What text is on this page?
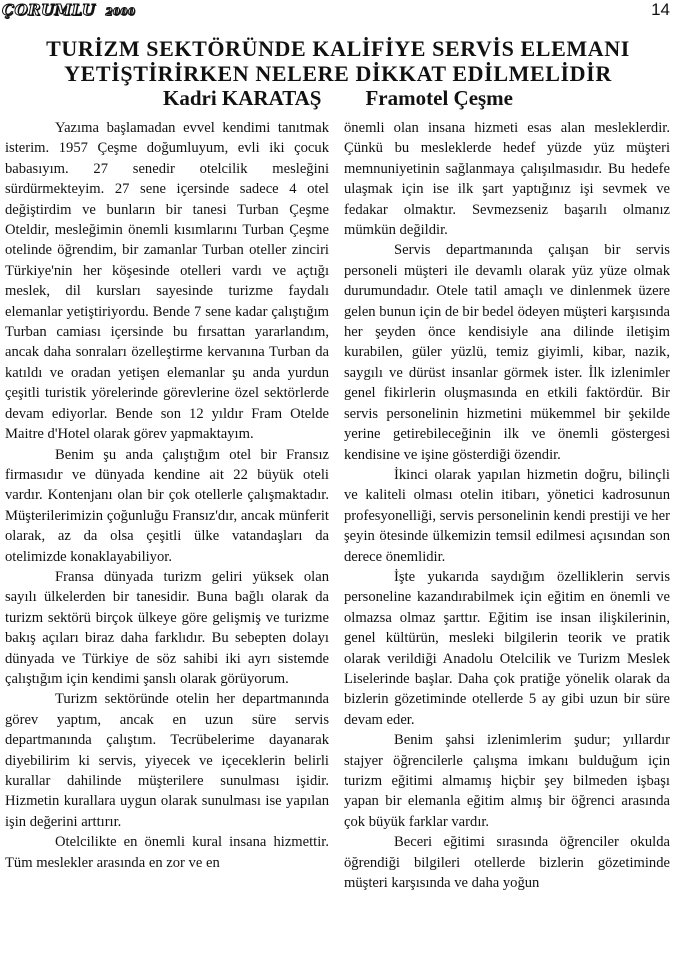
ÇORUMLU 2000	14
TURİZM SEKTÖRÜNDE KALİFİYE SERVİS ELEMANI
YETİŞTİRİRKEN NELERE DİKKAT EDİLMELİDİR
Kadri KARATAŞ Framotel Çeşme

Yazıma başlamadan evvel kendimi tanıtmak isterim. 1957 Çeşme doğumluyum, evli iki çocuk babasıyım. 27 senedir otelcilik mesleğini sürdürmekteyim. 27 sene içersinde sadece 4 otel değiştirdim ve bunların bir tanesi Turban Çeşme Oteldir, mesleğimin önemli kısımlarını Turban Çeşme otelinde öğrendim, bir zamanlar Turban oteller zinciri Türkiye'nin her köşesinde otelleri vardı ve açtığı meslek, dil kursları sayesinde turizme faydalı elemanlar yetiştiriyordu. Bende 7 sene kadar çalıştığım Turban camiası içersinde bu fırsattan yararlandım, ancak daha sonraları özelleştirme kervanına Turban da katıldı ve oradan yetişen elemanlar şu anda yurdun çeşitli turistik yörelerinde görevlerine özel sektörlerde devam ediyorlar. Bende son 12 yıldır Fram Otelde Maitre d'Hotel olarak görev yapmaktayım.

Benim şu anda çalıştığım otel bir Fransız firmasıdır ve dünyada kendine ait 22 büyük oteli vardır. Kontenjanı olan bir çok otellerle çalışmaktadır. Müşterilerimizin çoğunluğu Fransız'dır, ancak münferit olarak, az da olsa çeşitli ülke vatandaşları da otelimizde konaklayabiliyor.

Fransa dünyada turizm geliri yüksek olan sayılı ülkelerden bir tanesidir. Buna bağlı olarak da turizm sektörü birçok ülkeye göre gelişmiş ve turizme bakış açıları biraz daha farklıdır. Bu sebepten dolayı dünyada ve Türkiye de söz sahibi iki ayrı sistemde çalıştığım için kendimi şanslı olarak görüyorum.

Turizm sektöründe otelin her departmanında görev yaptım, ancak en uzun süre servis departmanında çalıştım. Tecrübelerime dayanarak diyebilirim ki servis, yiyecek ve içeceklerin belirli kurallar dahilinde müşterilere sunulması işidir. Hizmetin kurallara uygun olarak sunulması ise yapılan işin değerini arttırır.

Otelcilikte en önemli kural insana hizmettir. Tüm meslekler arasında en zor ve en

önemli olan insana hizmeti esas alan mesleklerdir. Çünkü bu mesleklerde hedef yüzde yüz müşteri memnuniyetinin sağlanmaya çalışılmasıdır. Bu hedefe ulaşmak için ise ilk şart yaptığınız işi sevmek ve fedakar olmaktır. Sevmezseniz başarılı olmanız mümkün değildir.

Servis departmanında çalışan bir servis personeli müşteri ile devamlı olarak yüz yüze olmak durumundadır. Otele tatil amaçlı ve dinlenmek üzere gelen bunun için de bir bedel ödeyen müşteri karşısında her şeyden önce kendisiyle ana dilinde iletişim kurabilen, güler yüzlü, temiz giyimli, kibar, nazik, saygılı ve dürüst insanlar görmek ister. İlk izlenimler genel fikirlerin oluşmasında en etkili faktördür. Bir servis personelinin hizmetini mükemmel bir şekilde yerine getirebileceğinin ilk ve önemli göstergesi kendisine ve işine gösterdiği özendir.

İkinci olarak yapılan hizmetin doğru, bilinçli ve kaliteli olması otelin itibarı, yönetici kadrosunun profesyonelliği, servis personelinin kendi prestiji ve her şeyin ötesinde ülkemizin temsil edilmesi açısından son derece önemlidir.

İşte yukarıda saydığım özelliklerin servis personeline kazandırabilmek için eğitim en önemli ve olmazsa olmaz şarttır. Eğitim ise insan ilişkilerinin, genel kültürün, mesleki bilgilerin teorik ve pratik olarak verildiği Anadolu Otelcilik ve Turizm Meslek Liselerinde başlar. Daha çok pratiğe yönelik olarak da bizlerin gözetiminde otellerde 5 ay gibi uzun bir süre devam eder.

Benim şahsi izlenimlerim şudur; yıllardır stajyer öğrencilerle çalışma imkanı bulduğum için turizm eğitimi almamış hiçbir şey bilmeden işbaşı yapan bir elemanla eğitim almış bir öğrenci arasında çok büyük farklar vardır.

Beceri eğitimi sırasında öğrenciler okulda öğrendiği bilgileri otellerde bizlerin gözetiminde müşteri karşısında ve daha yoğun
